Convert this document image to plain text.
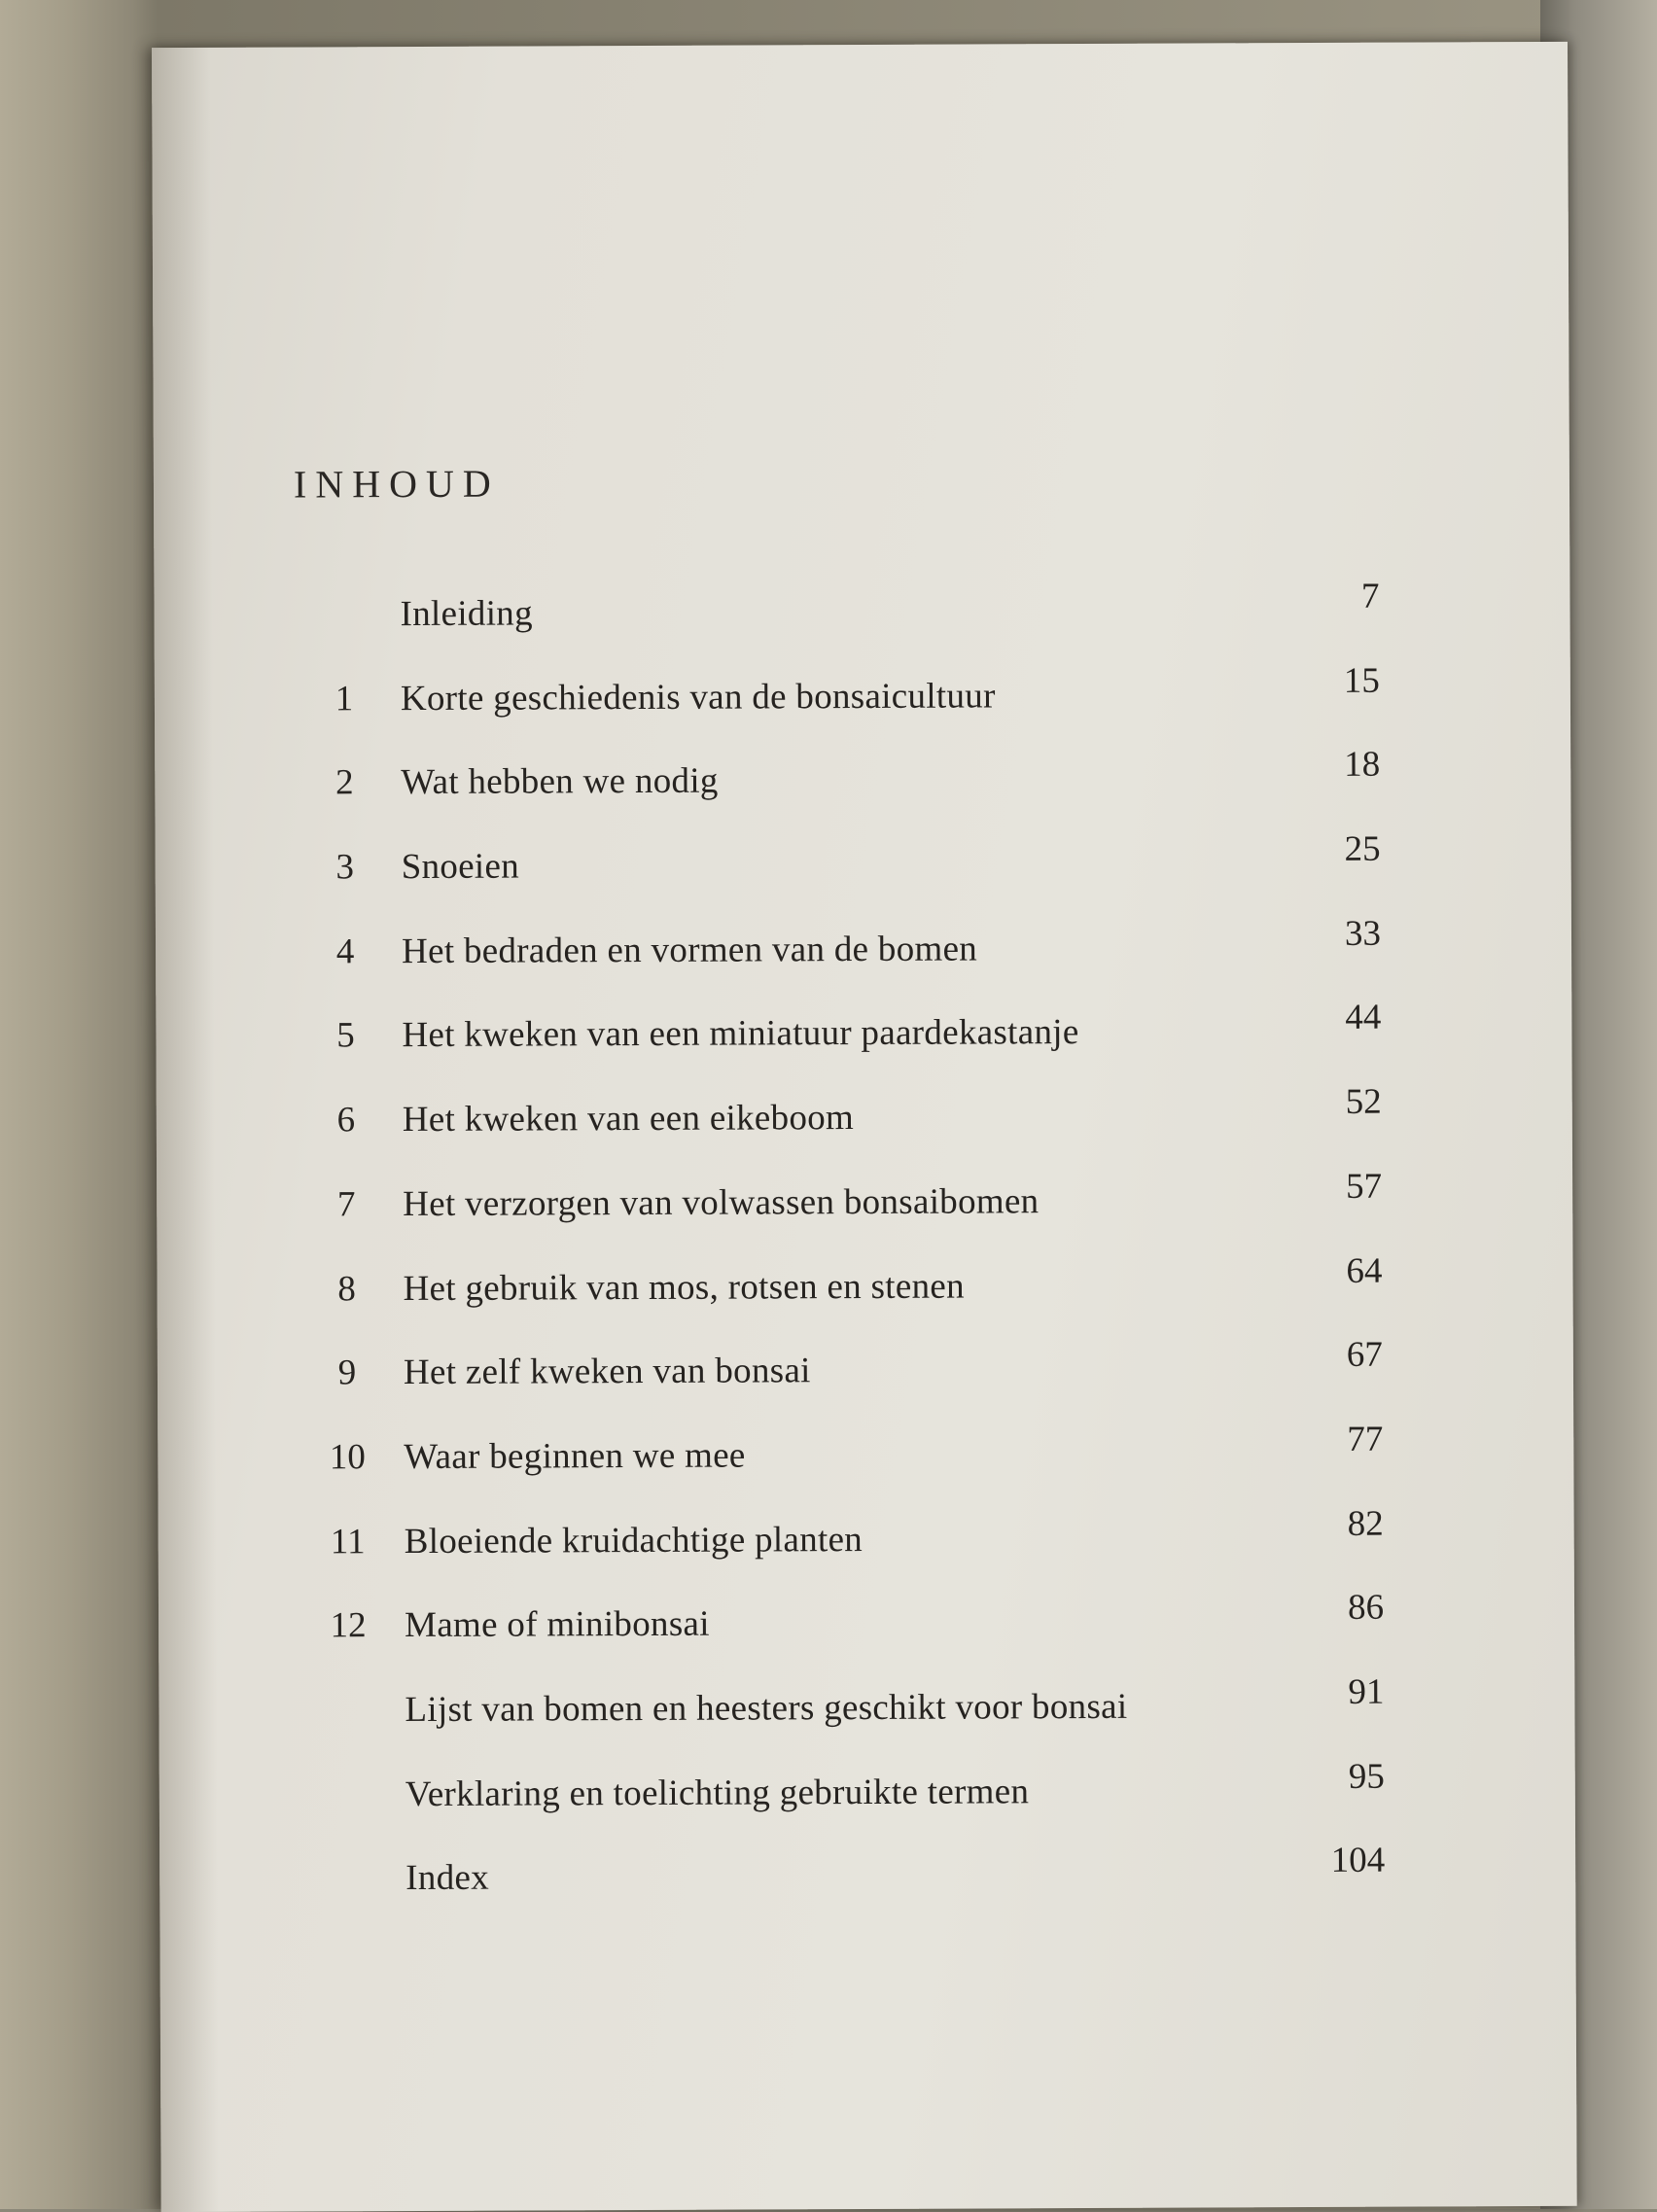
INHOUD
Inleiding	7
1	Korte geschiedenis van de bonsaicultuur	15
2	Wat hebben we nodig	18
3	Snoeien	25
4	Het bedraden en vormen van de bomen	33
5	Het kweken van een miniatuur paardekastanje	44
6	Het kweken van een eikeboom	52
7	Het verzorgen van volwassen bonsaibomen	57
8	Het gebruik van mos, rotsen en stenen	64
9	Het zelf kweken van bonsai	67
10	Waar beginnen we mee	77
11	Bloeiende kruidachtige planten	82
12	Mame of minibonsai	86
Lijst van bomen en heesters geschikt voor bonsai	91
Verklaring en toelichting gebruikte termen	95
Index	104
